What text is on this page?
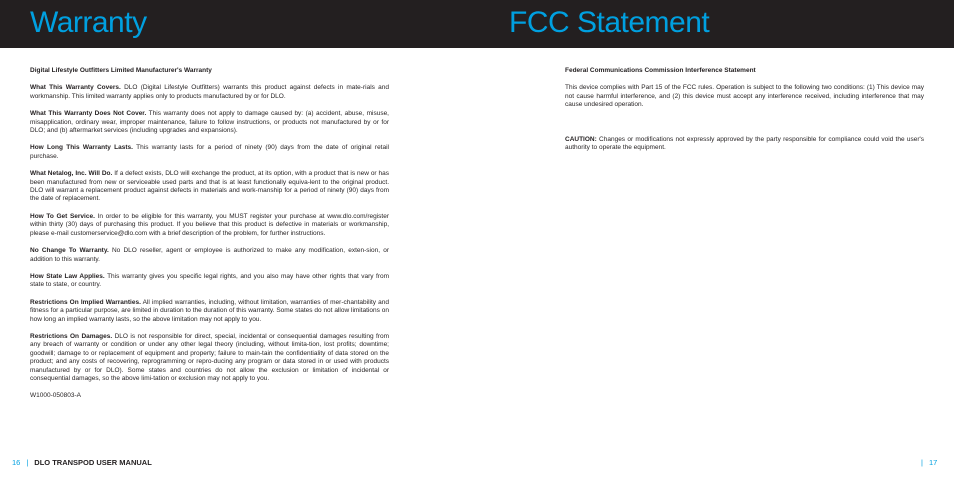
Warranty	FCC Statement
Digital Lifestyle Outfitters Limited Manufacturer's Warranty

What This Warranty Covers. DLO (Digital Lifestyle Outfitters) warrants this product against defects in mate-rials and workmanship. This limited warranty applies only to products manufactured by or for DLO.

What This Warranty Does Not Cover. This warranty does not apply to damage caused by: (a) accident, abuse, misuse, misapplication, ordinary wear, improper maintenance, failure to follow instructions, or products not manufactured by or for DLO; and (b) aftermarket services (including upgrades and expansions).

How Long This Warranty Lasts. This warranty lasts for a period of ninety (90) days from the date of original retail purchase.

What Netalog, Inc. Will Do. If a defect exists, DLO will exchange the product, at its option, with a product that is new or has been manufactured from new or serviceable used parts and that is at least functionally equiva-lent to the original product. DLO will warrant a replacement product against defects in materials and work-manship for a period of ninety (90) days from the date of replacement.

How To Get Service. In order to be eligible for this warranty, you MUST register your purchase at www.dlo.com/register within thirty (30) days of purchasing this product. If you believe that this product is defective in materials or workmanship, please e-mail customerservice@dlo.com with a brief description of the problem, for further instructions.

No Change To Warranty. No DLO reseller, agent or employee is authorized to make any modification, exten-sion, or addition to this warranty.

How State Law Applies. This warranty gives you specific legal rights, and you also may have other rights that vary from state to state, or country.

Restrictions On Implied Warranties. All implied warranties, including, without limitation, warranties of mer-chantability and fitness for a particular purpose, are limited in duration to the duration of this warranty. Some states do not allow limitations on how long an implied warranty lasts, so the above limitation may not apply to you.

Restrictions On Damages. DLO is not responsible for direct, special, incidental or consequential damages resulting from any breach of warranty or condition or under any other legal theory (including, without limita-tion, lost profits; downtime; goodwill; damage to or replacement of equipment and property; failure to main-tain the confidentiality of data stored on the product; and any costs of recovering, reprogramming or repro-ducing any program or data stored in or used with products manufactured by or for DLO). Some states and countries do not allow the exclusion or limitation of incidental or consequential damages, so the above limi-tation or exclusion may not apply to you.

W1000-050803-A

Federal Communications Commission Interference Statement

This device complies with Part 15 of the FCC rules. Operation is subject to the following two conditions: (1) This device may not cause harmful interference, and (2) this device must accept any interference received, including interference that may cause undesired operation.

CAUTION: Changes or modifications not expressly approved by the party responsible for compliance could void the user's authority to operate the equipment.

16 | DLO TRANSPOD USER MANUAL	| 17
